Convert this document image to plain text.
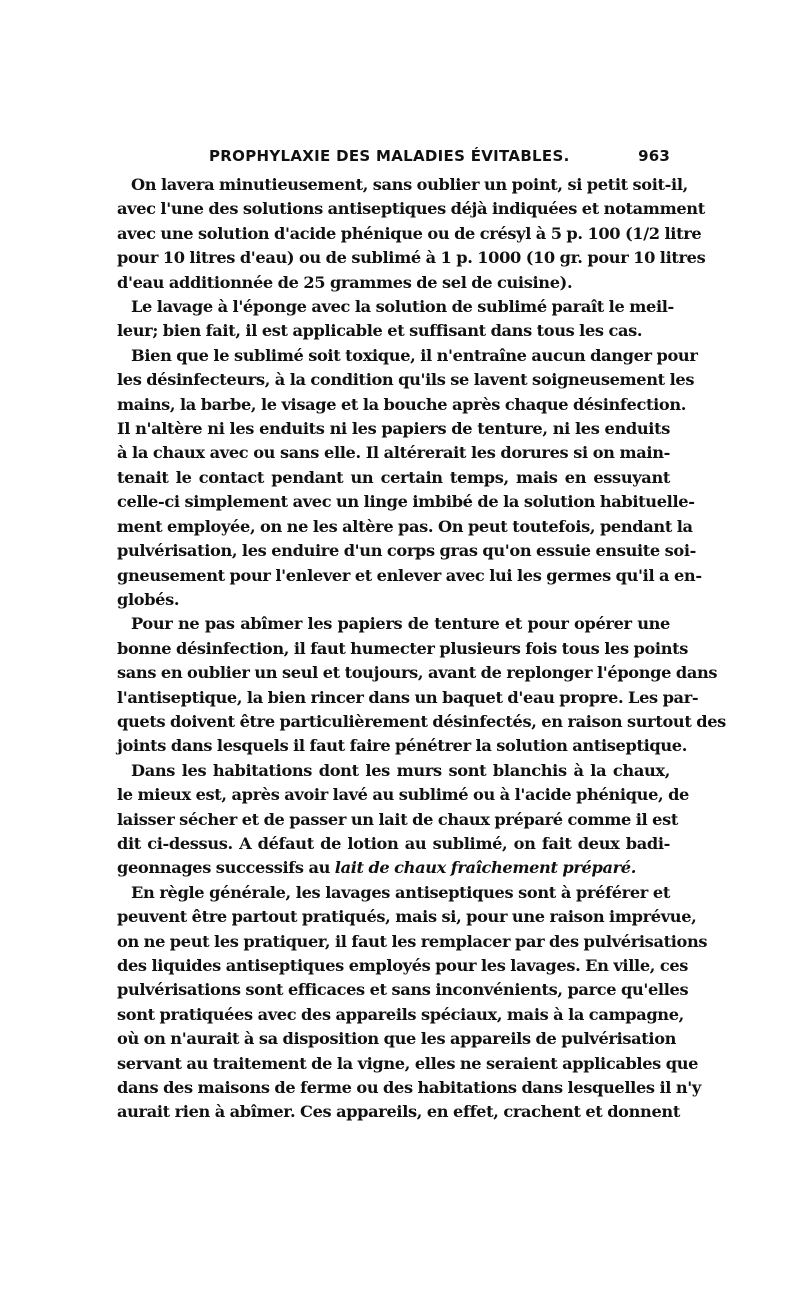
PROPHYLAXIE DES MALADIES ÉVITABLES.	963

On lavera minutieusement, sans oublier un point, si petit soit-il,
avec l'une des solutions antiseptiques déjà indiquées et notamment
avec une solution d'acide phénique ou de crésyl à 5 p. 100 (1/2 litre
pour 10 litres d'eau) ou de sublimé à 1 p. 1000 (10 gr. pour 10 litres
d'eau additionnée de 25 grammes de sel de cuisine).

Le lavage à l'éponge avec la solution de sublimé paraît le meil-
leur; bien fait, il est applicable et suffisant dans tous les cas.

Bien que le sublimé soit toxique, il n'entraîne aucun danger pour
les désinfecteurs, à la condition qu'ils se lavent soigneusement les
mains, la barbe, le visage et la bouche après chaque désinfection.
Il n'altère ni les enduits ni les papiers de tenture, ni les enduits
à la chaux avec ou sans elle. Il altérerait les dorures si on main-
tenait le contact pendant un certain temps, mais en essuyant
celle-ci simplement avec un linge imbibé de la solution habituelle-
ment employée, on ne les altère pas. On peut toutefois, pendant la
pulvérisation, les enduire d'un corps gras qu'on essuie ensuite soi-
gneusement pour l'enlever et enlever avec lui les germes qu'il a en-
globés.

Pour ne pas abîmer les papiers de tenture et pour opérer une
bonne désinfection, il faut humecter plusieurs fois tous les points
sans en oublier un seul et toujours, avant de replonger l'éponge dans
l'antiseptique, la bien rincer dans un baquet d'eau propre. Les par-
quets doivent être particulièrement désinfectés, en raison surtout des
joints dans lesquels il faut faire pénétrer la solution antiseptique.

Dans les habitations dont les murs sont blanchis à la chaux,
le mieux est, après avoir lavé au sublimé ou à l'acide phénique, de
laisser sécher et de passer un lait de chaux préparé comme il est
dit ci-dessus. A défaut de lotion au sublimé, on fait deux badi-
geonnages successifs au lait de chaux fraîchement préparé.

En règle générale, les lavages antiseptiques sont à préférer et
peuvent être partout pratiqués, mais si, pour une raison imprévue,
on ne peut les pratiquer, il faut les remplacer par des pulvérisations
des liquides antiseptiques employés pour les lavages. En ville, ces
pulvérisations sont efficaces et sans inconvénients, parce qu'elles
sont pratiquées avec des appareils spéciaux, mais à la campagne,
où on n'aurait à sa disposition que les appareils de pulvérisation
servant au traitement de la vigne, elles ne seraient applicables que
dans des maisons de ferme ou des habitations dans lesquelles il n'y
aurait rien à abîmer. Ces appareils, en effet, crachent et donnent
